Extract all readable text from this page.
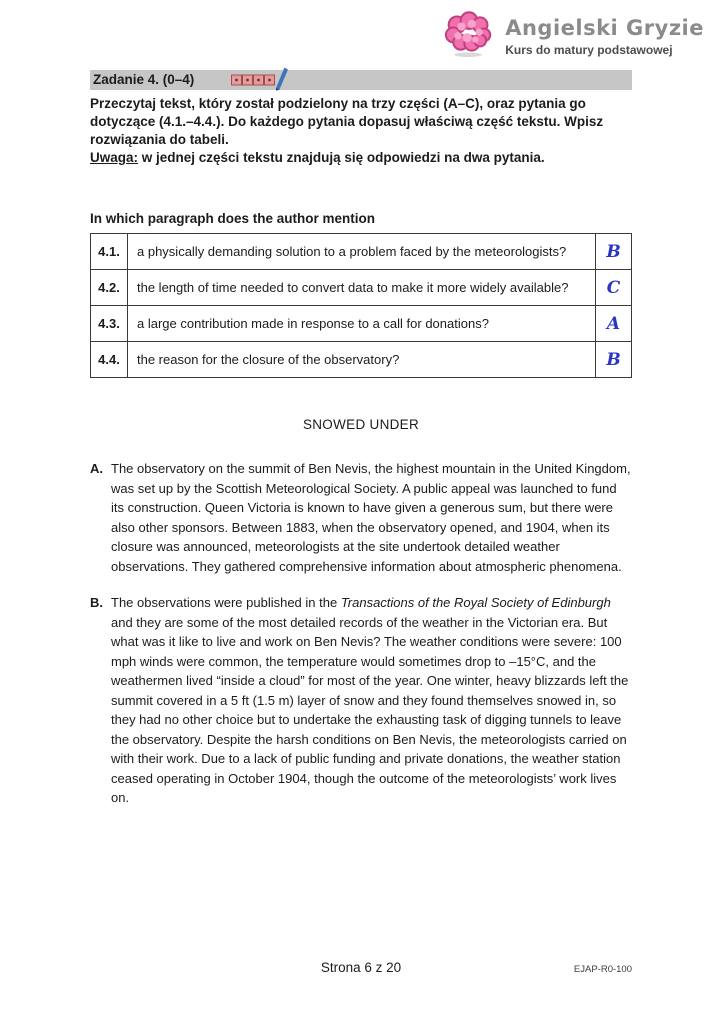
Angielski Gryzie
Kurs do matury podstawowej
Zadanie 4. (0–4)

Przeczytaj tekst, który został podzielony na trzy części (A–C), oraz pytania go dotyczące (4.1.–4.4.). Do każdego pytania dopasuj właściwą część tekstu. Wpisz rozwiązania do tabeli.

Uwaga: w jednej części tekstu znajdują się odpowiedzi na dwa pytania.

In which paragraph does the author mention

4.1.	a physically demanding solution to a problem faced by the meteorologists?	B
4.2.	the length of time needed to convert data to make it more widely available?	C
4.3.	a large contribution made in response to a call for donations?	A
4.4.	the reason for the closure of the observatory?	B

SNOWED UNDER

A. The observatory on the summit of Ben Nevis, the highest mountain in the United Kingdom, was set up by the Scottish Meteorological Society. A public appeal was launched to fund its construction. Queen Victoria is known to have given a generous sum, but there were also other sponsors. Between 1883, when the observatory opened, and 1904, when its closure was announced, meteorologists at the site undertook detailed weather observations. They gathered comprehensive information about atmospheric phenomena.
B. The observations were published in the Transactions of the Royal Society of Edinburgh and they are some of the most detailed records of the weather in the Victorian era. But what was it like to live and work on Ben Nevis? The weather conditions were severe: 100 mph winds were common, the temperature would sometimes drop to –15°C, and the weathermen lived “inside a cloud” for most of the year. One winter, heavy blizzards left the summit covered in a 5 ft (1.5 m) layer of snow and they found themselves snowed in, so they had no other choice but to undertake the exhausting task of digging tunnels to leave the observatory. Despite the harsh conditions on Ben Nevis, the meteorologists carried on with their work. Due to a lack of public funding and private donations, the weather station ceased operating in October 1904, though the outcome of the meteorologists’ work lives on.
Strona 6 z 20	EJAP-R0-100
